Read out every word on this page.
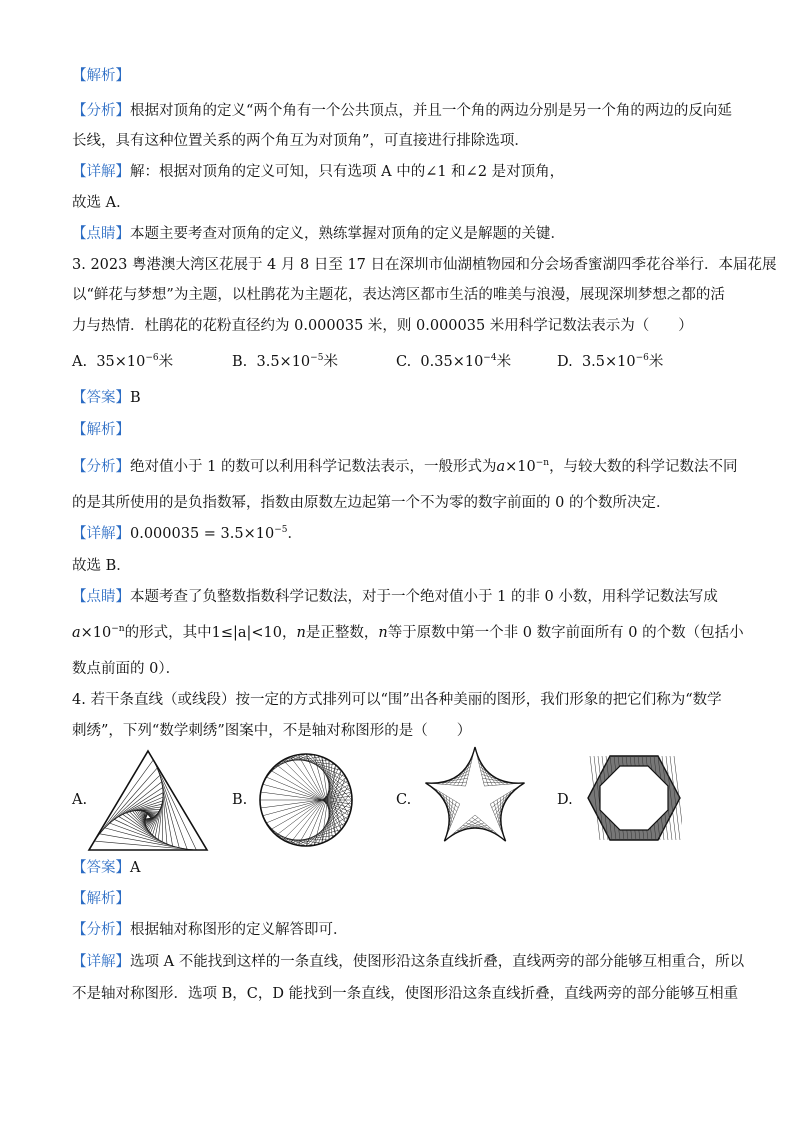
【解析】
【分析】根据对顶角的定义“两个角有一个公共顶点，并且一个角的两边分别是另一个角的两边的反向延
长线，具有这种位置关系的两个角互为对顶角”，可直接进行排除选项．
【详解】解：根据对顶角的定义可知，只有选项 A 中的∠1 和∠2 是对顶角，
故选 A．
【点睛】本题主要考查对顶角的定义，熟练掌握对顶角的定义是解题的关键．
3. 2023 粤港澳大湾区花展于 4 月 8 日至 17 日在深圳市仙湖植物园和分会场香蜜湖四季花谷举行．本届花展
以“鲜花与梦想”为主题，以杜鹃花为主题花，表达湾区都市生活的唯美与浪漫，展现深圳梦想之都的活
力与热情．杜鹃花的花粉直径约为 0.000035 米，则 0.000035 米用科学记数法表示为（　　）
A. $35\times 10^{-6}$米	B. $3.5\times 10^{-5}$米	C. $0.35\times 10^{-4}$米	D. $3.5\times 10^{-6}$米
【答案】B
【解析】
【分析】绝对值小于 1 的数可以利用科学记数法表示，一般形式为$a\times 10^{-n}$，与较大数的科学记数法不同
的是其所使用的是负指数幂，指数由原数左边起第一个不为零的数字前面的 0 的个数所决定．
【详解】$0.000035 = 3.5\times 10^{-5}$．
故选 B．
【点睛】本题考查了负整数指数科学记数法，对于一个绝对值小于 1 的非 0 小数，用科学记数法写成
$a\times 10^{-n}$的形式，其中1≤|a|<10，n是正整数，n等于原数中第一个非 0 数字前面所有 0 的个数（包括小
数点前面的 0）．
4. 若干条直线（或线段）按一定的方式排列可以“围”出各种美丽的图形，我们形象的把它们称为“数学
刺绣”，下列“数学刺绣”图案中，不是轴对称图形的是（　　）
A.	B.	C.	D.
【答案】A
【解析】
【分析】根据轴对称图形的定义解答即可．
【详解】选项 A 不能找到这样的一条直线，使图形沿这条直线折叠，直线两旁的部分能够互相重合，所以
不是轴对称图形．选项 B，C，D 能找到一条直线，使图形沿这条直线折叠，直线两旁的部分能够互相重
